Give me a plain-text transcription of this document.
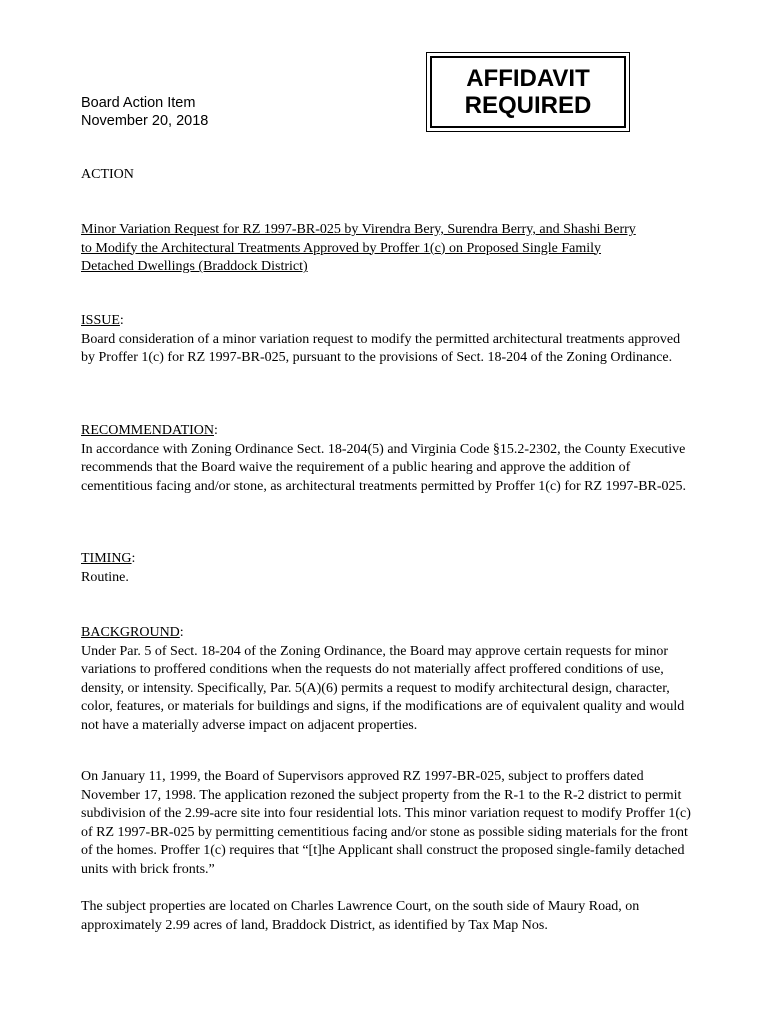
Board Action Item
November 20, 2018
AFFIDAVIT
REQUIRED

ACTION

Minor Variation Request for RZ 1997-BR-025 by Virendra Bery, Surendra Berry, and Shashi Berry
to Modify the Architectural Treatments Approved by Proffer 1(c) on Proposed Single Family
Detached Dwellings (Braddock District)

ISSUE:

Board consideration of a minor variation request to modify the permitted architectural treatments approved by Proffer 1(c) for RZ 1997-BR-025, pursuant to the provisions of Sect. 18-204 of the Zoning Ordinance.

RECOMMENDATION:

In accordance with Zoning Ordinance Sect. 18-204(5) and Virginia Code §15.2-2302, the County Executive recommends that the Board waive the requirement of a public hearing and approve the addition of cementitious facing and/or stone, as architectural treatments permitted by Proffer 1(c) for RZ 1997-BR-025.

TIMING:

Routine.

BACKGROUND:

Under Par. 5 of Sect. 18-204 of the Zoning Ordinance, the Board may approve certain requests for minor variations to proffered conditions when the requests do not materially affect proffered conditions of use, density, or intensity. Specifically, Par. 5(A)(6) permits a request to modify architectural design, character, color, features, or materials for buildings and signs, if the modifications are of equivalent quality and would not have a materially adverse impact on adjacent properties.

On January 11, 1999, the Board of Supervisors approved RZ 1997-BR-025, subject to proffers dated November 17, 1998. The application rezoned the subject property from the R-1 to the R-2 district to permit subdivision of the 2.99-acre site into four residential lots. This minor variation request to modify Proffer 1(c) of RZ 1997-BR-025 by permitting cementitious facing and/or stone as possible siding materials for the front of the homes. Proffer 1(c) requires that “[t]he Applicant shall construct the proposed single-family detached units with brick fronts.”

The subject properties are located on Charles Lawrence Court, on the south side of Maury Road, on approximately 2.99 acres of land, Braddock District, as identified by Tax Map Nos.
